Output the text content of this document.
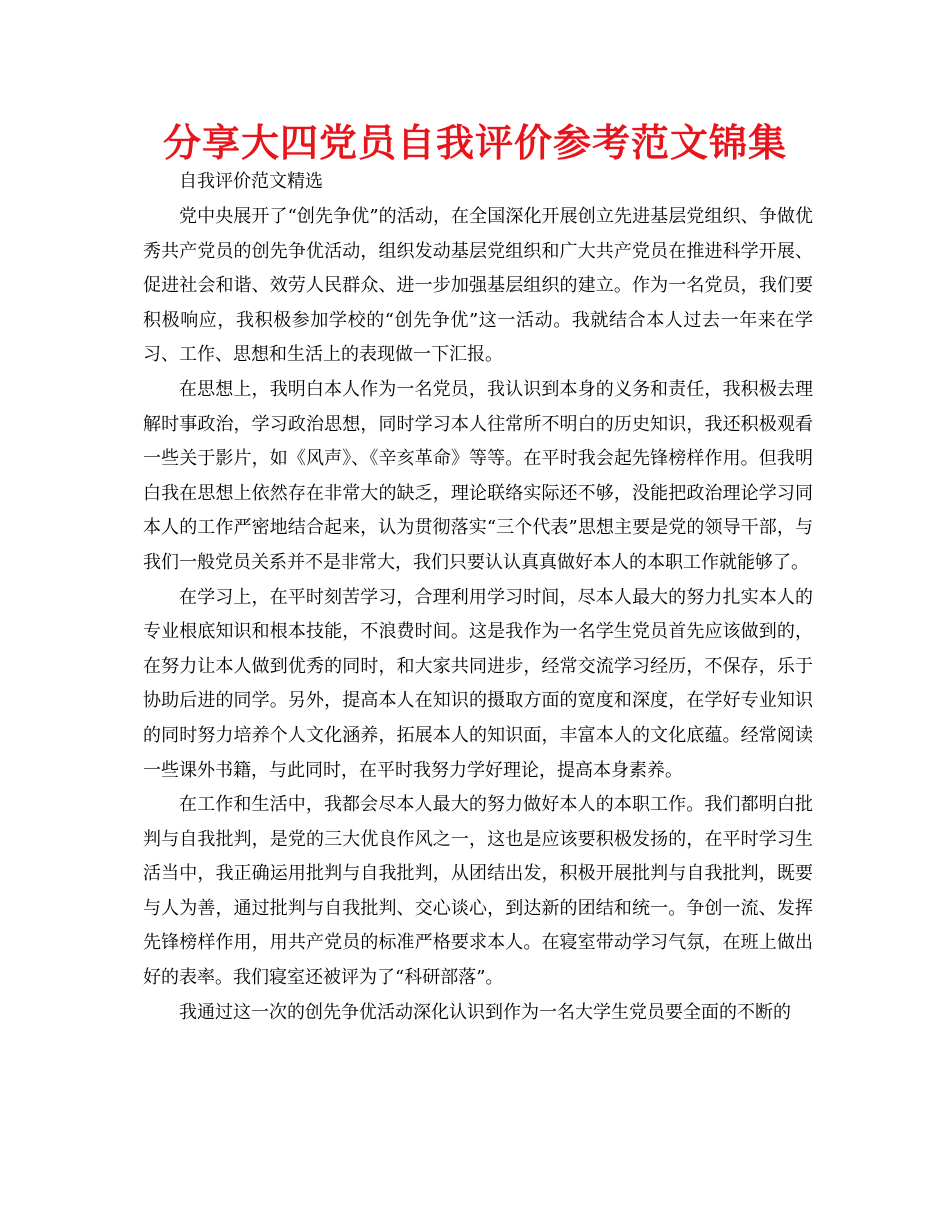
分享大四党员自我评价参考范文锦集
自我评价范文精选

党中央展开了“创先争优”的活动，在全国深化开展创立先进基层党组织、争做优秀共产党员的创先争优活动，组织发动基层党组织和广大共产党员在推进科学开展、促进社会和谐、效劳人民群众、进一步加强基层组织的建立。作为一名党员，我们要积极响应，我积极参加学校的“创先争优”这一活动。我就结合本人过去一年来在学习、工作、思想和生活上的表现做一下汇报。

在思想上，我明白本人作为一名党员，我认识到本身的义务和责任，我积极去理解时事政治，学习政治思想，同时学习本人往常所不明白的历史知识，我还积极观看一些关于影片，如《风声》、《辛亥革命》等等。在平时我会起先锋榜样作用。但我明白我在思想上依然存在非常大的缺乏，理论联络实际还不够，没能把政治理论学习同本人的工作严密地结合起来，认为贯彻落实“三个代表”思想主要是党的领导干部，与我们一般党员关系并不是非常大，我们只要认认真真做好本人的本职工作就能够了。

在学习上，在平时刻苦学习，合理利用学习时间，尽本人最大的努力扎实本人的专业根底知识和根本技能，不浪费时间。这是我作为一名学生党员首先应该做到的，在努力让本人做到优秀的同时，和大家共同进步，经常交流学习经历，不保存，乐于协助后进的同学。另外，提高本人在知识的摄取方面的宽度和深度，在学好专业知识的同时努力培养个人文化涵养，拓展本人的知识面，丰富本人的文化底蕴。经常阅读一些课外书籍，与此同时，在平时我努力学好理论，提高本身素养。

在工作和生活中，我都会尽本人最大的努力做好本人的本职工作。我们都明白批判与自我批判，是党的三大优良作风之一，这也是应该要积极发扬的，在平时学习生活当中，我正确运用批判与自我批判，从团结出发，积极开展批判与自我批判，既要与人为善，通过批判与自我批判、交心谈心，到达新的团结和统一。争创一流、发挥先锋榜样作用，用共产党员的标准严格要求本人。在寝室带动学习气氛，在班上做出好的表率。我们寝室还被评为了“科研部落”。

我通过这一次的创先争优活动深化认识到作为一名大学生党员要全面的不断的
